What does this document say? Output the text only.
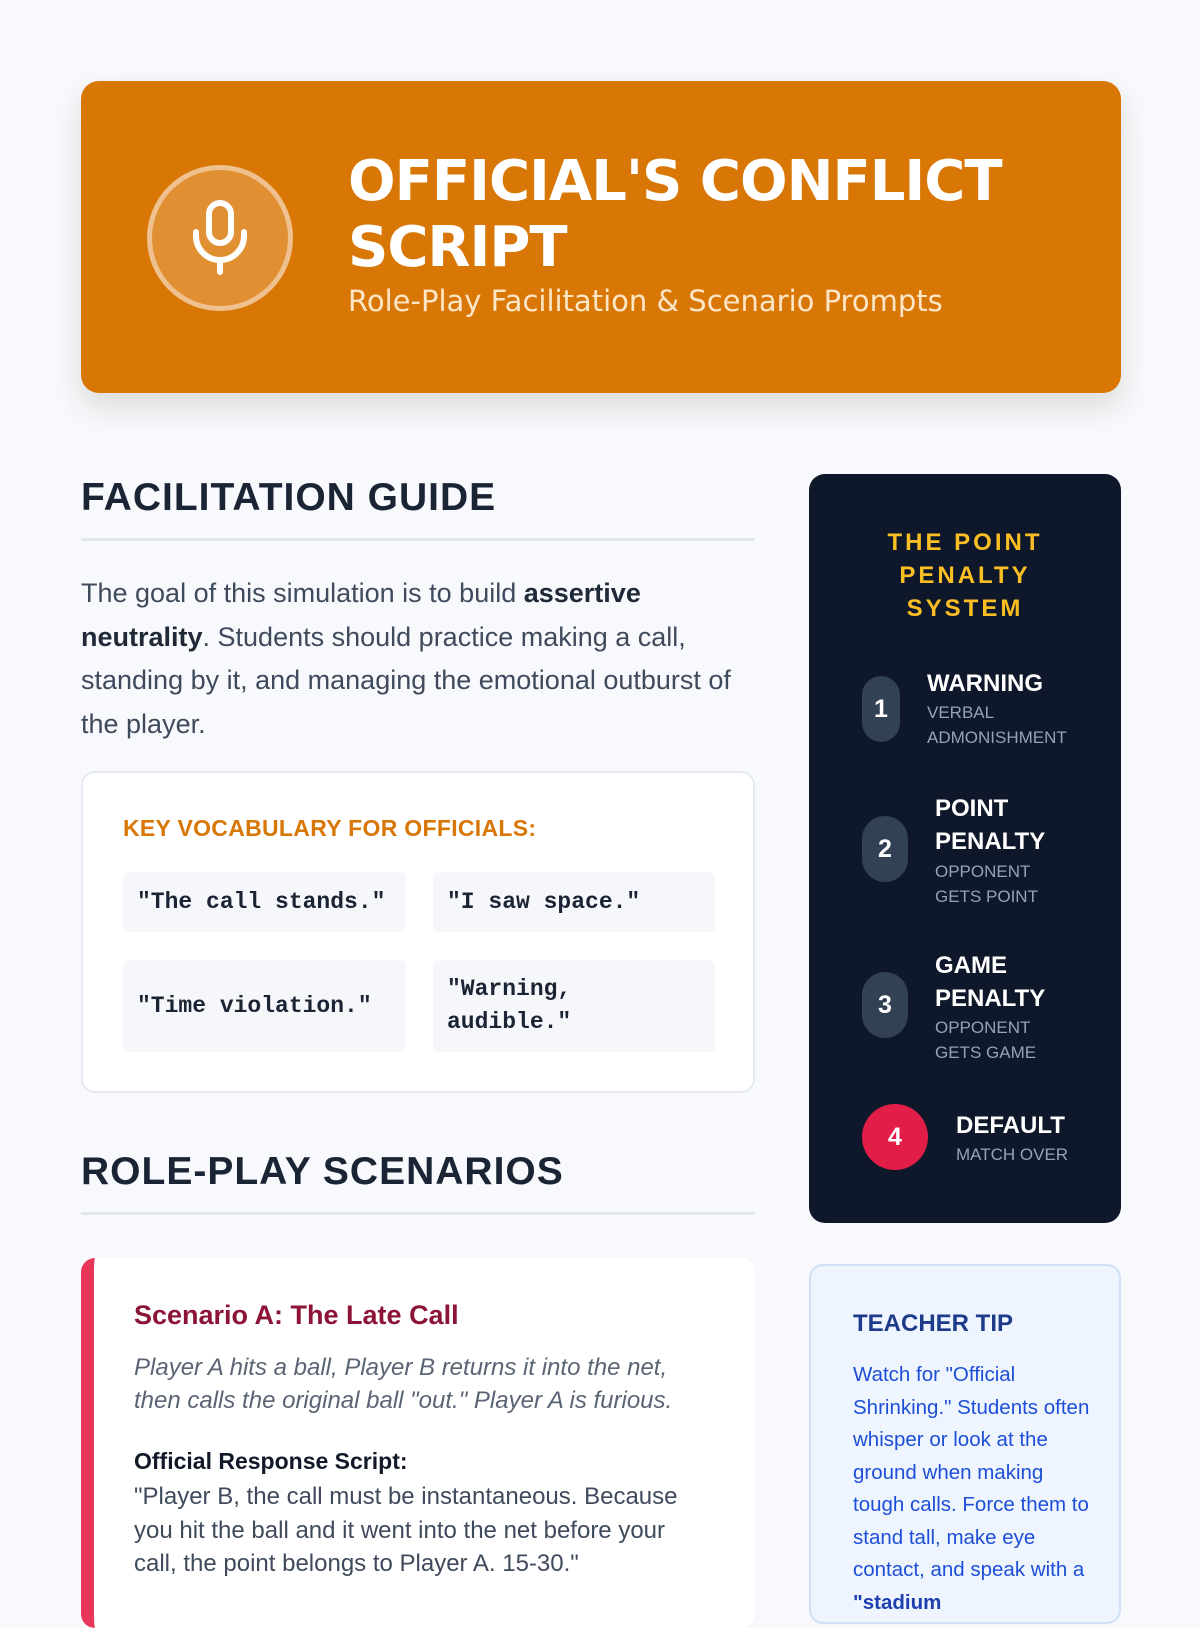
OFFICIAL'S CONFLICT SCRIPT
Role-Play Facilitation & Scenario Prompts
FACILITATION GUIDE

The goal of this simulation is to build assertive neutrality. Students should practice making a call, standing by it, and managing the emotional outburst of the player.

KEY VOCABULARY FOR OFFICIALS:
"The call stands."	"I saw space."
"Time violation."
"Warning, audible."
ROLE-PLAY SCENARIOS
Scenario A: The Late Call
Player A hits a ball, Player B returns it into the net, then calls the original ball "out." Player A is furious.
Official Response Script:
"Player B, the call must be instantaneous. Because you hit the ball and it went into the net before your call, the point belongs to Player A. 15-30."
THE POINT PENALTY SYSTEM
1
WARNING
VERBAL ADMONISHMENT
2
POINT PENALTY
OPPONENT GETS POINT
3
GAME PENALTY
OPPONENT GETS GAME
4	DEFAULT
MATCH OVER
TEACHER TIP

Watch for "Official Shrinking." Students often whisper or look at the ground when making tough calls. Force them to stand tall, make eye contact, and speak with a "stadium
